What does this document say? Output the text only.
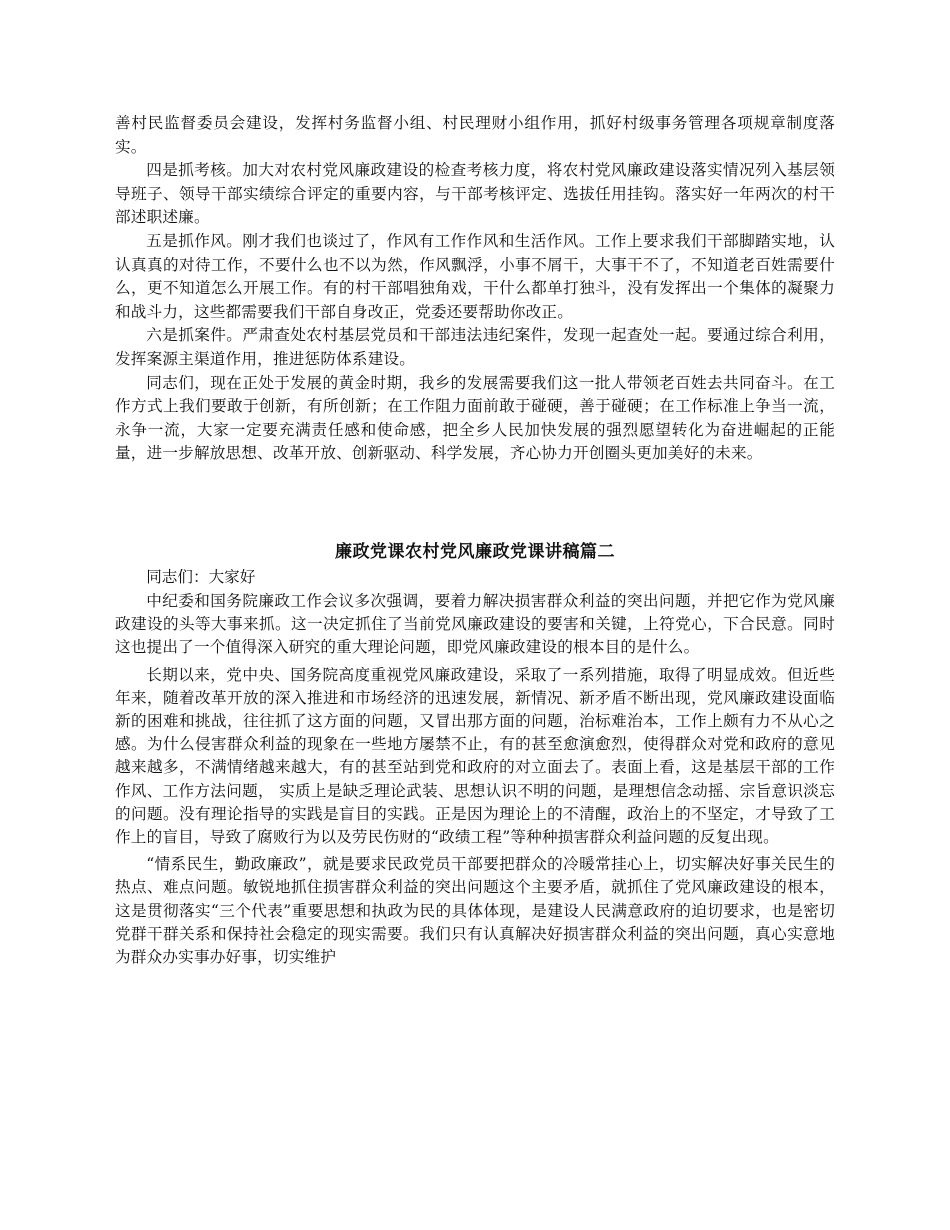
善村民监督委员会建设，发挥村务监督小组、村民理财小组作用，抓好村级事务管理各项规章制度落实。

四是抓考核。加大对农村党风廉政建设的检查考核力度，将农村党风廉政建设落实情况列入基层领导班子、领导干部实绩综合评定的重要内容，与干部考核评定、选拔任用挂钩。落实好一年两次的村干部述职述廉。

五是抓作风。刚才我们也谈过了，作风有工作作风和生活作风。工作上要求我们干部脚踏实地，认认真真的对待工作，不要什么也不以为然，作风飘浮，小事不屑干，大事干不了，不知道老百姓需要什么，更不知道怎么开展工作。有的村干部唱独角戏，干什么都单打独斗，没有发挥出一个集体的凝聚力和战斗力，这些都需要我们干部自身改正，党委还要帮助你改正。

六是抓案件。严肃查处农村基层党员和干部违法违纪案件，发现一起查处一起。要通过综合利用，发挥案源主渠道作用，推进惩防体系建设。

同志们，现在正处于发展的黄金时期，我乡的发展需要我们这一批人带领老百姓去共同奋斗。在工作方式上我们要敢于创新，有所创新；在工作阻力面前敢于碰硬，善于碰硬；在工作标准上争当一流，永争一流，大家一定要充满责任感和使命感，把全乡人民加快发展的强烈愿望转化为奋进崛起的正能量，进一步解放思想、改革开放、创新驱动、科学发展，齐心协力开创圈头更加美好的未来。

廉政党课农村党风廉政党课讲稿篇二
同志们：大家好

中纪委和国务院廉政工作会议多次强调，要着力解决损害群众利益的突出问题，并把它作为党风廉政建设的头等大事来抓。这一决定抓住了当前党风廉政建设的要害和关键，上符党心，下合民意。同时这也提出了一个值得深入研究的重大理论问题，即党风廉政建设的根本目的是什么。

长期以来，党中央、国务院高度重视党风廉政建设，采取了一系列措施，取得了明显成效。但近些年来，随着改革开放的深入推进和市场经济的迅速发展，新情况、新矛盾不断出现，党风廉政建设面临新的困难和挑战，往往抓了这方面的问题，又冒出那方面的问题，治标难治本，工作上颇有力不从心之感。为什么侵害群众利益的现象在一些地方屡禁不止，有的甚至愈演愈烈，使得群众对党和政府的意见越来越多，不满情绪越来越大，有的甚至站到党和政府的对立面去了。表面上看，这是基层干部的工作作风、工作方法问题， 实质上是缺乏理论武装、思想认识不明的问题，是理想信念动摇、宗旨意识淡忘的问题。没有理论指导的实践是盲目的实践。正是因为理论上的不清醒，政治上的不坚定，才导致了工作上的盲目，导致了腐败行为以及劳民伤财的“政绩工程”等种种损害群众利益问题的反复出现。

“情系民生，勤政廉政”，就是要求民政党员干部要把群众的冷暖常挂心上，切实解决好事关民生的热点、难点问题。敏锐地抓住损害群众利益的突出问题这个主要矛盾，就抓住了党风廉政建设的根本，这是贯彻落实“三个代表”重要思想和执政为民的具体体现，是建设人民满意政府的迫切要求，也是密切党群干群关系和保持社会稳定的现实需要。我们只有认真解决好损害群众利益的突出问题，真心实意地为群众办实事办好事，切实维护
